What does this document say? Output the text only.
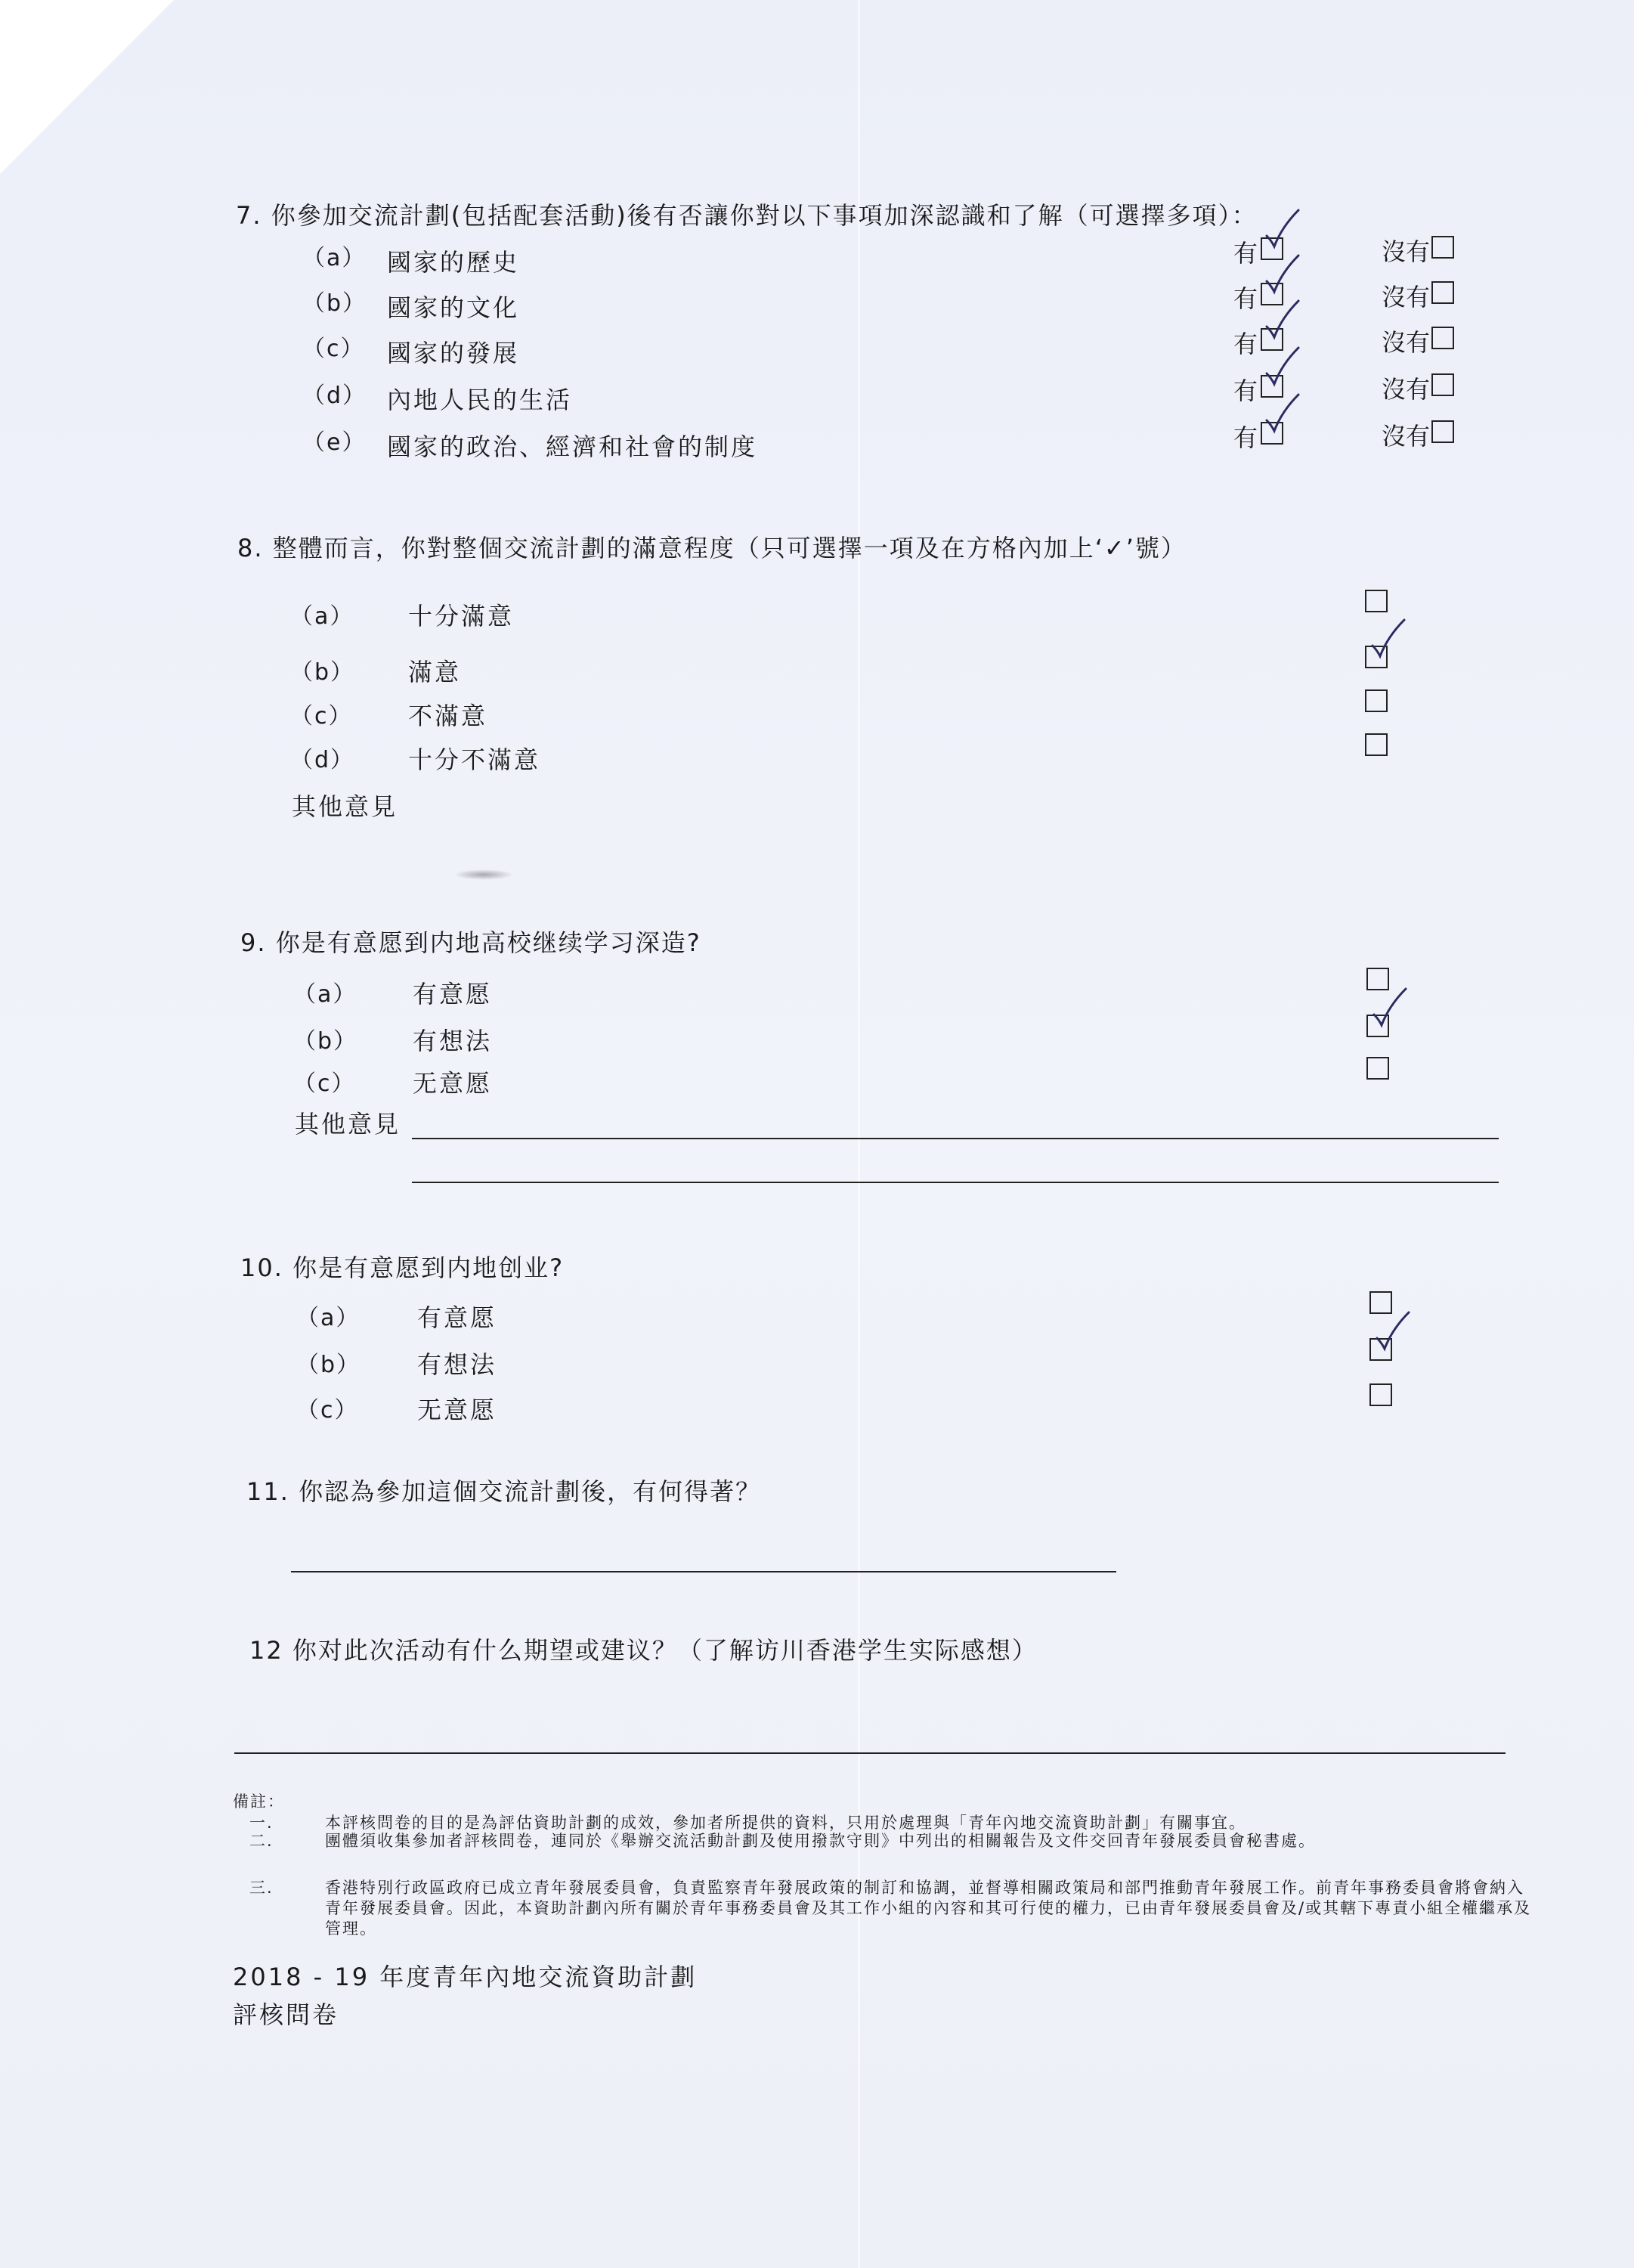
7. 你參加交流計劃(包括配套活動)後有否讓你對以下事項加深認識和了解（可選擇多項）：
（a） 國家的歷史	有	沒有
（b） 國家的文化	有	沒有
（c） 國家的發展	有	沒有
（d） 內地人民的生活	有	沒有
（e） 國家的政治、經濟和社會的制度	有	沒有
8. 整體而言，你對整個交流計劃的滿意程度（只可選擇一項及在方格內加上‘✓’號）
（a） 十分滿意
（b） 滿意
（c） 不滿意
（d） 十分不滿意
其他意見
9. 你是有意愿到内地高校继续学习深造?
（a） 有意愿
（b） 有想法
（c） 无意愿
其他意見
10. 你是有意愿到内地创业?
（a） 有意愿
（b） 有想法
（c） 无意愿
11. 你認為參加這個交流計劃後，有何得著？
12 你对此次活动有什么期望或建议？（了解访川香港学生实际感想）
備註：
一.	本評核問卷的目的是為評估資助計劃的成效，參加者所提供的資料，只用於處理與「青年內地交流資助計劃」有關事宜。
二.	團體須收集參加者評核問卷，連同於《舉辦交流活動計劃及使用撥款守則》中列出的相關報告及文件交回青年發展委員會秘書處。
三.	香港特別行政區政府已成立青年發展委員會，負責監察青年發展政策的制訂和協調，並督導相關政策局和部門推動青年發展工作。前青年事務委員會將會納入青年發展委員會。因此，本資助計劃內所有關於青年事務委員會及其工作小組的內容和其可行使的權力，已由青年發展委員會及/或其轄下專責小組全權繼承及管理。
2018 - 19 年度青年內地交流資助計劃
評核問卷
